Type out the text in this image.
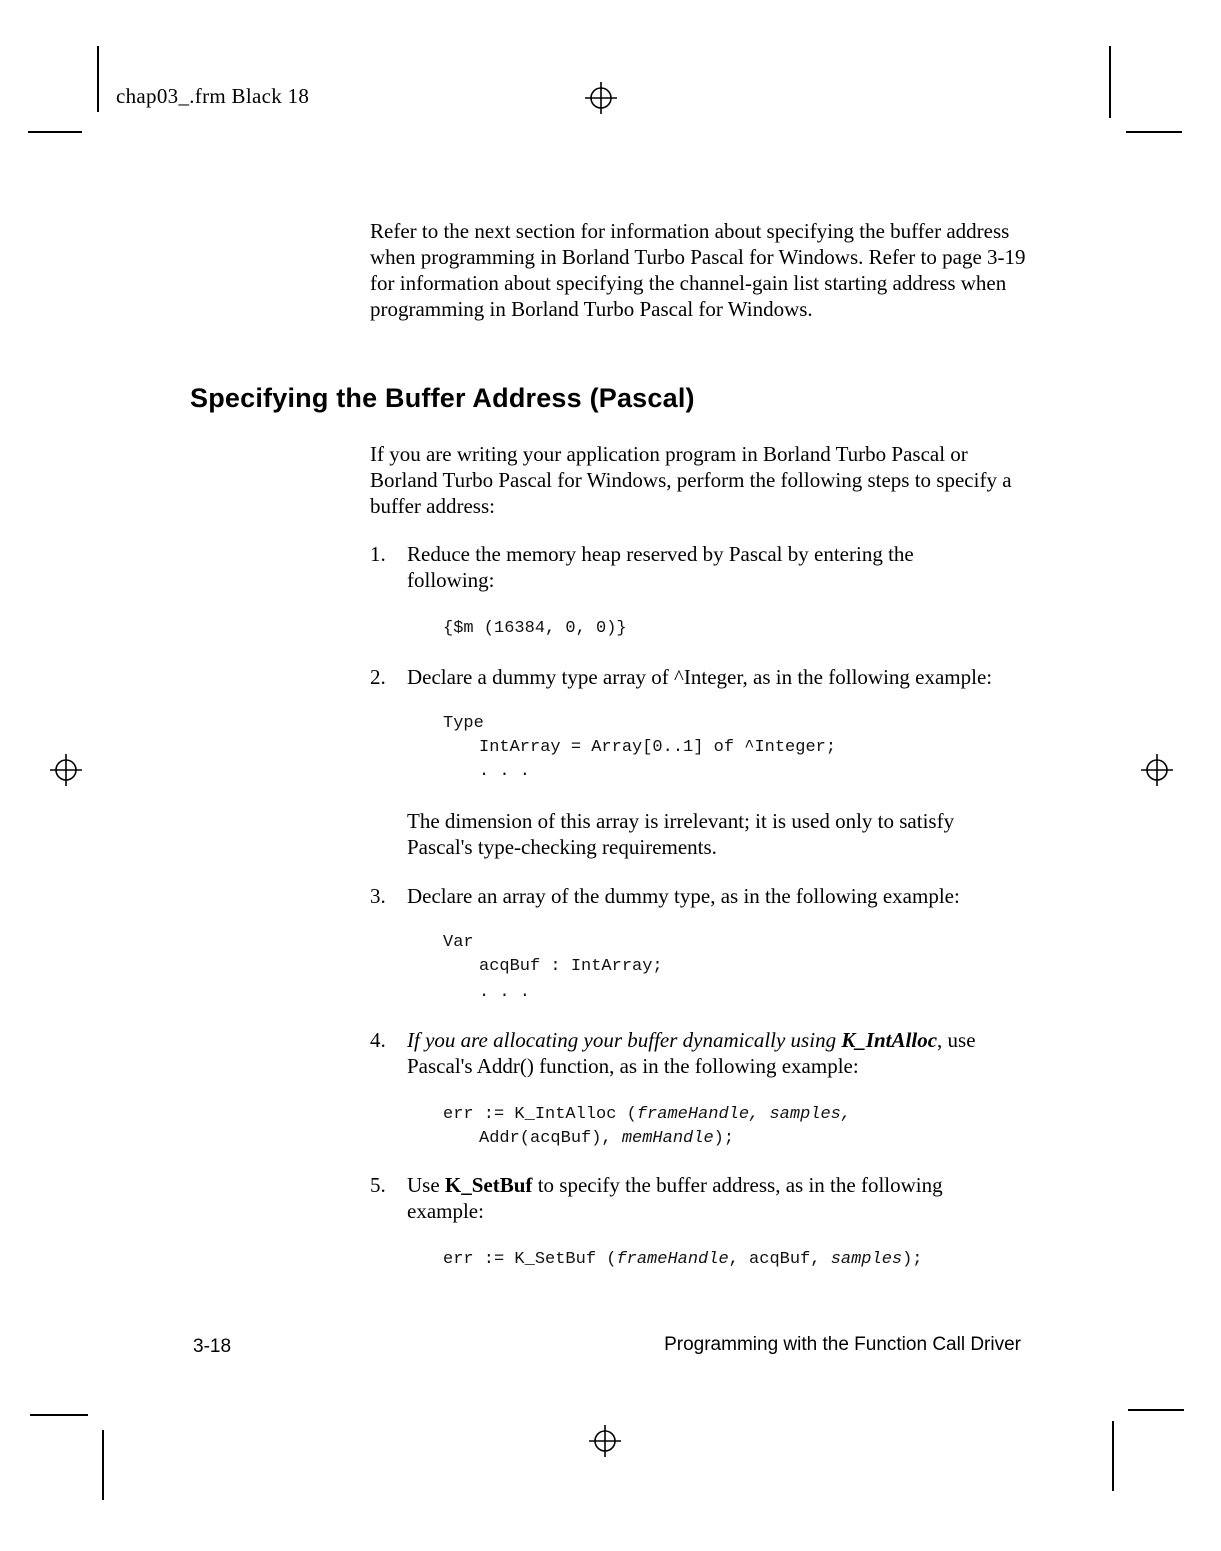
chap03_.frm Black 18

Refer to the next section for information about specifying the buffer address when programming in Borland Turbo Pascal for Windows. Refer to page 3-19 for information about specifying the channel-gain list starting address when programming in Borland Turbo Pascal for Windows.

Specifying the Buffer Address (Pascal)

If you are writing your application program in Borland Turbo Pascal or Borland Turbo Pascal for Windows, perform the following steps to specify a buffer address:

1. Reduce the memory heap reserved by Pascal by entering the following:
{$m (16384, 0, 0)}
2. Declare a dummy type array of ^Integer, as in the following example:
Type
IntArray = Array[0..1] of ^Integer;
. . .

The dimension of this array is irrelevant; it is used only to satisfy Pascal's type-checking requirements.

3. Declare an array of the dummy type, as in the following example:
Var
acqBuf : IntArray;
. . .
4. If you are allocating your buffer dynamically using K_IntAlloc, use Pascal's Addr() function, as in the following example:
err := K_IntAlloc (frameHandle, samples,
Addr(acqBuf), memHandle);
5. Use K_SetBuf to specify the buffer address, as in the following example:
err := K_SetBuf (frameHandle, acqBuf, samples);
3-18	Programming with the Function Call Driver
